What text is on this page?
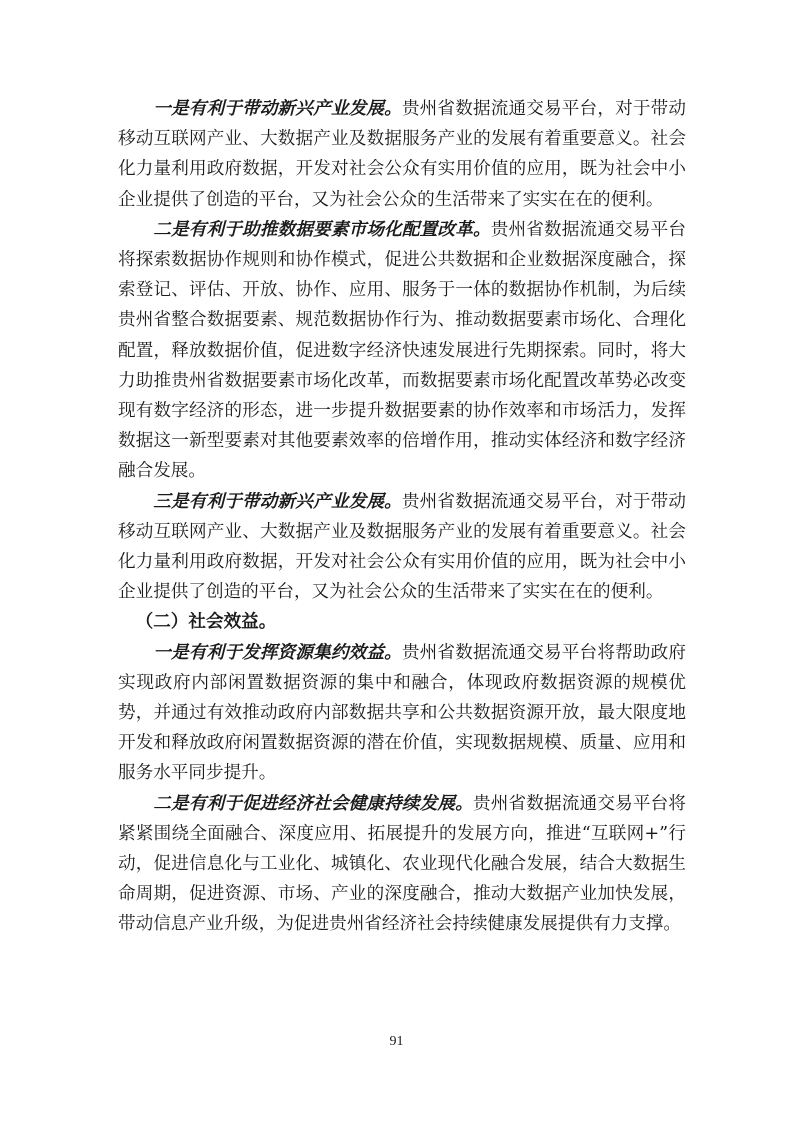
一是有利于带动新兴产业发展。贵州省数据流通交易平台，对于带动移动互联网产业、大数据产业及数据服务产业的发展有着重要意义。社会化力量利用政府数据，开发对社会公众有实用价值的应用，既为社会中小企业提供了创造的平台，又为社会公众的生活带来了实实在在的便利。

二是有利于助推数据要素市场化配置改革。贵州省数据流通交易平台将探索数据协作规则和协作模式，促进公共数据和企业数据深度融合，探索登记、评估、开放、协作、应用、服务于一体的数据协作机制，为后续贵州省整合数据要素、规范数据协作行为、推动数据要素市场化、合理化配置，释放数据价值，促进数字经济快速发展进行先期探索。同时，将大力助推贵州省数据要素市场化改革，而数据要素市场化配置改革势必改变现有数字经济的形态，进一步提升数据要素的协作效率和市场活力，发挥数据这一新型要素对其他要素效率的倍增作用，推动实体经济和数字经济融合发展。

三是有利于带动新兴产业发展。贵州省数据流通交易平台，对于带动移动互联网产业、大数据产业及数据服务产业的发展有着重要意义。社会化力量利用政府数据，开发对社会公众有实用价值的应用，既为社会中小企业提供了创造的平台，又为社会公众的生活带来了实实在在的便利。

（二）社会效益。

一是有利于发挥资源集约效益。贵州省数据流通交易平台将帮助政府实现政府内部闲置数据资源的集中和融合，体现政府数据资源的规模优势，并通过有效推动政府内部数据共享和公共数据资源开放，最大限度地开发和释放政府闲置数据资源的潜在价值，实现数据规模、质量、应用和服务水平同步提升。

二是有利于促进经济社会健康持续发展。贵州省数据流通交易平台将紧紧围绕全面融合、深度应用、拓展提升的发展方向，推进“互联网+”行动，促进信息化与工业化、城镇化、农业现代化融合发展，结合大数据生命周期，促进资源、市场、产业的深度融合，推动大数据产业加快发展，带动信息产业升级，为促进贵州省经济社会持续健康发展提供有力支撑。

91
